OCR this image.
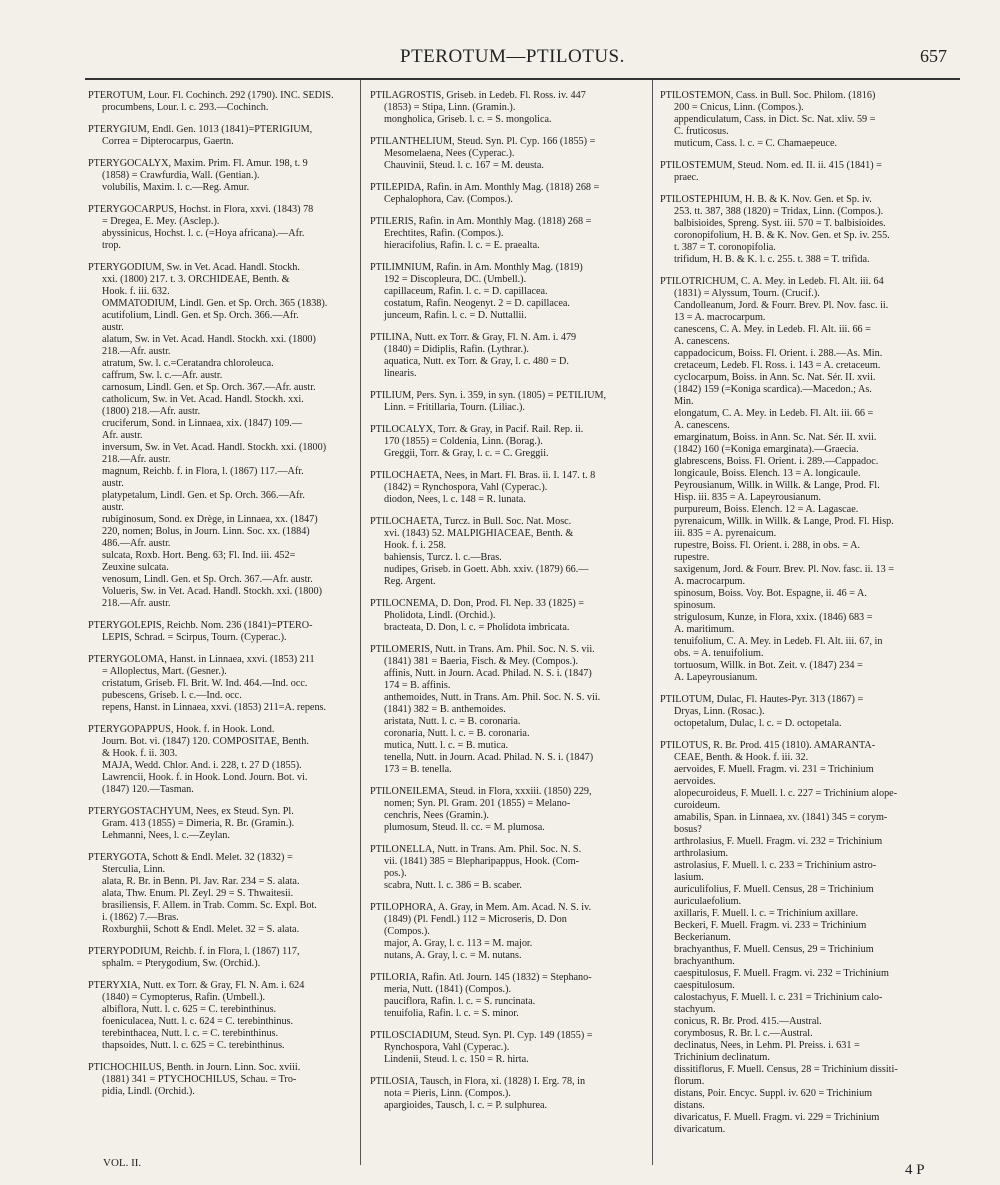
PTEROTUM—PTILOTUS.	657
PTEROTUM, Lour. Fl. Cochinch. 292 (1790). INC. SEDIS.
procumbens, Lour. l. c. 293.—Cochinch.
PTERYGIUM, Endl. Gen. 1013 (1841)=PTERIGIUM,
Correa = Dipterocarpus, Gaertn.
PTERYGOCALYX, Maxim. Prim. Fl. Amur. 198, t. 9
(1858) = Crawfurdia, Wall. (Gentian.).
volubilis, Maxim. l. c.—Reg. Amur.
PTERYGOCARPUS, Hochst. in Flora, xxvi. (1843) 78
= Dregea, E. Mey. (Asclep.).
abyssinicus, Hochst. l. c. (=Hoya africana).—Afr.
trop.
PTERYGODIUM, Sw. in Vet. Acad. Handl. Stockh.
xxi. (1800) 217. t. 3. ORCHIDEAE, Benth. &
Hook. f. iii. 632.
OMMATODIUM, Lindl. Gen. et Sp. Orch. 365 (1838).
acutifolium, Lindl. Gen. et Sp. Orch. 366.—Afr.
austr.
alatum, Sw. in Vet. Acad. Handl. Stockh. xxi. (1800)
218.—Afr. austr.
atratum, Sw. l. c.=Ceratandra chloroleuca.
caffrum, Sw. l. c.—Afr. austr.
carnosum, Lindl. Gen. et Sp. Orch. 367.—Afr. austr.
catholicum, Sw. in Vet. Acad. Handl. Stockh. xxi.
(1800) 218.—Afr. austr.
cruciferum, Sond. in Linnaea, xix. (1847) 109.—
Afr. austr.
inversum, Sw. in Vet. Acad. Handl. Stockh. xxi. (1800)
218.—Afr. austr.
magnum, Reichb. f. in Flora, l. (1867) 117.—Afr.
austr.
platypetalum, Lindl. Gen. et Sp. Orch. 366.—Afr.
austr.
rubiginosum, Sond. ex Drège, in Linnaea, xx. (1847)
220, nomen; Bolus, in Journ. Linn. Soc. xx. (1884)
486.—Afr. austr.
sulcata, Roxb. Hort. Beng. 63; Fl. Ind. iii. 452=
Zeuxine sulcata.
venosum, Lindl. Gen. et Sp. Orch. 367.—Afr. austr.
Volueris, Sw. in Vet. Acad. Handl. Stockh. xxi. (1800)
218.—Afr. austr.
PTERYGOLEPIS, Reichb. Nom. 236 (1841)=PTERO-
LEPIS, Schrad. = Scirpus, Tourn. (Cyperac.).
PTERYGOLOMA, Hanst. in Linnaea, xxvi. (1853) 211
= Alloplectus, Mart. (Gesner.).
cristatum, Griseb. Fl. Brit. W. Ind. 464.—Ind. occ.
pubescens, Griseb. l. c.—Ind. occ.
repens, Hanst. in Linnaea, xxvi. (1853) 211=A. repens.
PTERYGOPAPPUS, Hook. f. in Hook. Lond.
Journ. Bot. vi. (1847) 120. COMPOSITAE, Benth.
& Hook. f. ii. 303.
MAJA, Wedd. Chlor. And. i. 228, t. 27 D (1855).
Lawrencii, Hook. f. in Hook. Lond. Journ. Bot. vi.
(1847) 120.—Tasman.
PTERYGOSTACHYUM, Nees, ex Steud. Syn. Pl.
Gram. 413 (1855) = Dimeria, R. Br. (Gramin.).
Lehmanni, Nees, l. c.—Zeylan.
PTERYGOTA, Schott & Endl. Melet. 32 (1832) =
Sterculia, Linn.
alata, R. Br. in Benn. Pl. Jav. Rar. 234 = S. alata.
alata, Thw. Enum. Pl. Zeyl. 29 = S. Thwaitesii.
brasiliensis, F. Allem. in Trab. Comm. Sc. Expl. Bot.
i. (1862) 7.—Bras.
Roxburghii, Schott & Endl. Melet. 32 = S. alata.
PTERYPODIUM, Reichb. f. in Flora, l. (1867) 117,
sphalm. = Pterygodium, Sw. (Orchid.).
PTERYXIA, Nutt. ex Torr. & Gray, Fl. N. Am. i. 624
(1840) = Cymopterus, Rafin. (Umbell.).
albiflora, Nutt. l. c. 625 = C. terebinthinus.
foeniculacea, Nutt. l. c. 624 = C. terebinthinus.
terebinthacea, Nutt. l. c. = C. terebinthinus.
thapsoides, Nutt. l. c. 625 = C. terebinthinus.
PTICHOCHILUS, Benth. in Journ. Linn. Soc. xviii.
(1881) 341 = PTYCHOCHILUS, Schau. = Tro-
pidia, Lindl. (Orchid.).
PTILAGROSTIS, Griseb. in Ledeb. Fl. Ross. iv. 447
(1853) = Stipa, Linn. (Gramin.).
mongholica, Griseb. l. c. = S. mongolica.
PTILANTHELIUM, Steud. Syn. Pl. Cyp. 166 (1855) =
Mesomelaena, Nees (Cyperac.).
Chauvinii, Steud. l. c. 167 = M. deusta.
PTILEPIDA, Rafin. in Am. Monthly Mag. (1818) 268 =
Cephalophora, Cav. (Compos.).
PTILERIS, Rafin. in Am. Monthly Mag. (1818) 268 =
Erechtites, Rafin. (Compos.).
hieracifolius, Rafin. l. c. = E. praealta.
PTILIMNIUM, Rafin. in Am. Monthly Mag. (1819)
192 = Discopleura, DC. (Umbell.).
capillaceum, Rafin. l. c. = D. capillacea.
costatum, Rafin. Neogenyt. 2 = D. capillacea.
junceum, Rafin. l. c. = D. Nuttallii.
PTILINA, Nutt. ex Torr. & Gray, Fl. N. Am. i. 479
(1840) = Didiplis, Rafin. (Lythrar.).
aquatica, Nutt. ex Torr. & Gray, l. c. 480 = D.
linearis.
PTILIUM, Pers. Syn. i. 359, in syn. (1805) = PETILIUM,
Linn. = Fritillaria, Tourn. (Liliac.).
PTILOCALYX, Torr. & Gray, in Pacif. Rail. Rep. ii.
170 (1855) = Coldenia, Linn. (Borag.).
Greggii, Torr. & Gray, l. c. = C. Greggii.
PTILOCHAETA, Nees, in Mart. Fl. Bras. ii. I. 147. t. 8
(1842) = Rynchospora, Vahl (Cyperac.).
diodon, Nees, l. c. 148 = R. lunata.
PTILOCHAETA, Turcz. in Bull. Soc. Nat. Mosc.
xvi. (1843) 52. MALPIGHIACEAE, Benth. &
Hook. f. i. 258.
bahiensis, Turcz. l. c.—Bras.
nudipes, Griseb. in Goett. Abh. xxiv. (1879) 66.—
Reg. Argent.
PTILOCNEMA, D. Don, Prod. Fl. Nep. 33 (1825) =
Pholidota, Lindl. (Orchid.).
bracteata, D. Don, l. c. = Pholidota imbricata.
PTILOMERIS, Nutt. in Trans. Am. Phil. Soc. N. S. vii.
(1841) 381 = Baeria, Fisch. & Mey. (Compos.).
affinis, Nutt. in Journ. Acad. Philad. N. S. i. (1847)
174 = B. affinis.
anthemoides, Nutt. in Trans. Am. Phil. Soc. N. S. vii.
(1841) 382 = B. anthemoides.
aristata, Nutt. l. c. = B. coronaria.
coronaria, Nutt. l. c. = B. coronaria.
mutica, Nutt. l. c. = B. mutica.
tenella, Nutt. in Journ. Acad. Philad. N. S. i. (1847)
173 = B. tenella.
PTILONEILEMA, Steud. in Flora, xxxiii. (1850) 229,
nomen; Syn. Pl. Gram. 201 (1855) = Melano-
cenchris, Nees (Gramin.).
plumosum, Steud. ll. cc. = M. plumosa.
PTILONELLA, Nutt. in Trans. Am. Phil. Soc. N. S.
vii. (1841) 385 = Blepharipappus, Hook. (Com-
pos.).
scabra, Nutt. l. c. 386 = B. scaber.
PTILOPHORA, A. Gray, in Mem. Am. Acad. N. S. iv.
(1849) (Pl. Fendl.) 112 = Microseris, D. Don
(Compos.).
major, A. Gray, l. c. 113 = M. major.
nutans, A. Gray, l. c. = M. nutans.
PTILORIA, Rafin. Atl. Journ. 145 (1832) = Stephano-
meria, Nutt. (1841) (Compos.).
pauciflora, Rafin. l. c. = S. runcinata.
tenuifolia, Rafin. l. c. = S. minor.
PTILOSCIADIUM, Steud. Syn. Pl. Cyp. 149 (1855) =
Rynchospora, Vahl (Cyperac.).
Lindenii, Steud. l. c. 150 = R. hirta.
PTILOSIA, Tausch, in Flora, xi. (1828) I. Erg. 78, in
nota = Pieris, Linn. (Compos.).
apargioides, Tausch, l. c. = P. sulphurea.
PTILOSTEMON, Cass. in Bull. Soc. Philom. (1816)
200 = Cnicus, Linn. (Compos.).
appendiculatum, Cass. in Dict. Sc. Nat. xliv. 59 =
C. fruticosus.
muticum, Cass. l. c. = C. Chamaepeuce.
PTILOSTEMUM, Steud. Nom. ed. II. ii. 415 (1841) =
praec.
PTILOSTEPHIUM, H. B. & K. Nov. Gen. et Sp. iv.
253. tt. 387, 388 (1820) = Tridax, Linn. (Compos.).
balbisioides, Spreng. Syst. iii. 570 = T. balbisioides.
coronopifolium, H. B. & K. Nov. Gen. et Sp. iv. 255.
t. 387 = T. coronopifolia.
trifidum, H. B. & K. l. c. 255. t. 388 = T. trifida.
PTILOTRICHUM, C. A. Mey. in Ledeb. Fl. Alt. iii. 64
(1831) = Alyssum, Tourn. (Crucif.).
Candolleanum, Jord. & Fourr. Brev. Pl. Nov. fasc. ii.
13 = A. macrocarpum.
canescens, C. A. Mey. in Ledeb. Fl. Alt. iii. 66 =
A. canescens.
cappadocicum, Boiss. Fl. Orient. i. 288.—As. Min.
cretaceum, Ledeb. Fl. Ross. i. 143 = A. cretaceum.
cyclocarpum, Boiss. in Ann. Sc. Nat. Sér. II. xvii.
(1842) 159 (=Koniga scardica).—Macedon.; As.
Min.
elongatum, C. A. Mey. in Ledeb. Fl. Alt. iii. 66 =
A. canescens.
emarginatum, Boiss. in Ann. Sc. Nat. Sér. II. xvii.
(1842) 160 (=Koniga emarginata).—Graecia.
glabrescens, Boiss. Fl. Orient. i. 289.—Cappadoc.
longicaule, Boiss. Elench. 13 = A. longicaule.
Peyrousianum, Willk. in Willk. & Lange, Prod. Fl.
Hisp. iii. 835 = A. Lapeyrousianum.
purpureum, Boiss. Elench. 12 = A. Lagascae.
pyrenaicum, Willk. in Willk. & Lange, Prod. Fl. Hisp.
iii. 835 = A. pyrenaicum.
rupestre, Boiss. Fl. Orient. i. 288, in obs. = A.
rupestre.
saxigenum, Jord. & Fourr. Brev. Pl. Nov. fasc. ii. 13 =
A. macrocarpum.
spinosum, Boiss. Voy. Bot. Espagne, ii. 46 = A.
spinosum.
strigulosum, Kunze, in Flora, xxix. (1846) 683 =
A. maritimum.
tenuifolium, C. A. Mey. in Ledeb. Fl. Alt. iii. 67, in
obs. = A. tenuifolium.
tortuosum, Willk. in Bot. Zeit. v. (1847) 234 =
A. Lapeyrousianum.
PTILOTUM, Dulac, Fl. Hautes-Pyr. 313 (1867) =
Dryas, Linn. (Rosac.).
octopetalum, Dulac, l. c. = D. octopetala.
PTILOTUS, R. Br. Prod. 415 (1810). AMARANTA-
CEAE, Benth. & Hook. f. iii. 32.
aervoides, F. Muell. Fragm. vi. 231 = Trichinium
aervoides.
alopecuroideus, F. Muell. l. c. 227 = Trichinium alope-
curoideum.
amabilis, Span. in Linnaea, xv. (1841) 345 = corym-
bosus?
arthrolasius, F. Muell. Fragm. vi. 232 = Trichinium
arthrolasium.
astrolasius, F. Muell. l. c. 233 = Trichinium astro-
lasium.
auriculifolius, F. Muell. Census, 28 = Trichinium
auriculaefolium.
axillaris, F. Muell. l. c. = Trichinium axillare.
Beckeri, F. Muell. Fragm. vi. 233 = Trichinium
Beckerianum.
brachyanthus, F. Muell. Census, 29 = Trichinium
brachyanthum.
caespitulosus, F. Muell. Fragm. vi. 232 = Trichinium
caespitulosum.
calostachyus, F. Muell. l. c. 231 = Trichinium calo-
stachyum.
conicus, R. Br. Prod. 415.—Austral.
corymbosus, R. Br. l. c.—Austral.
declinatus, Nees, in Lehm. Pl. Preiss. i. 631 =
Trichinium declinatum.
dissitiflorus, F. Muell. Census, 28 = Trichinium dissiti-
florum.
distans, Poir. Encyc. Suppl. iv. 620 = Trichinium
distans.
divaricatus, F. Muell. Fragm. vi. 229 = Trichinium
divaricatum.
VOL. II.	4 P
